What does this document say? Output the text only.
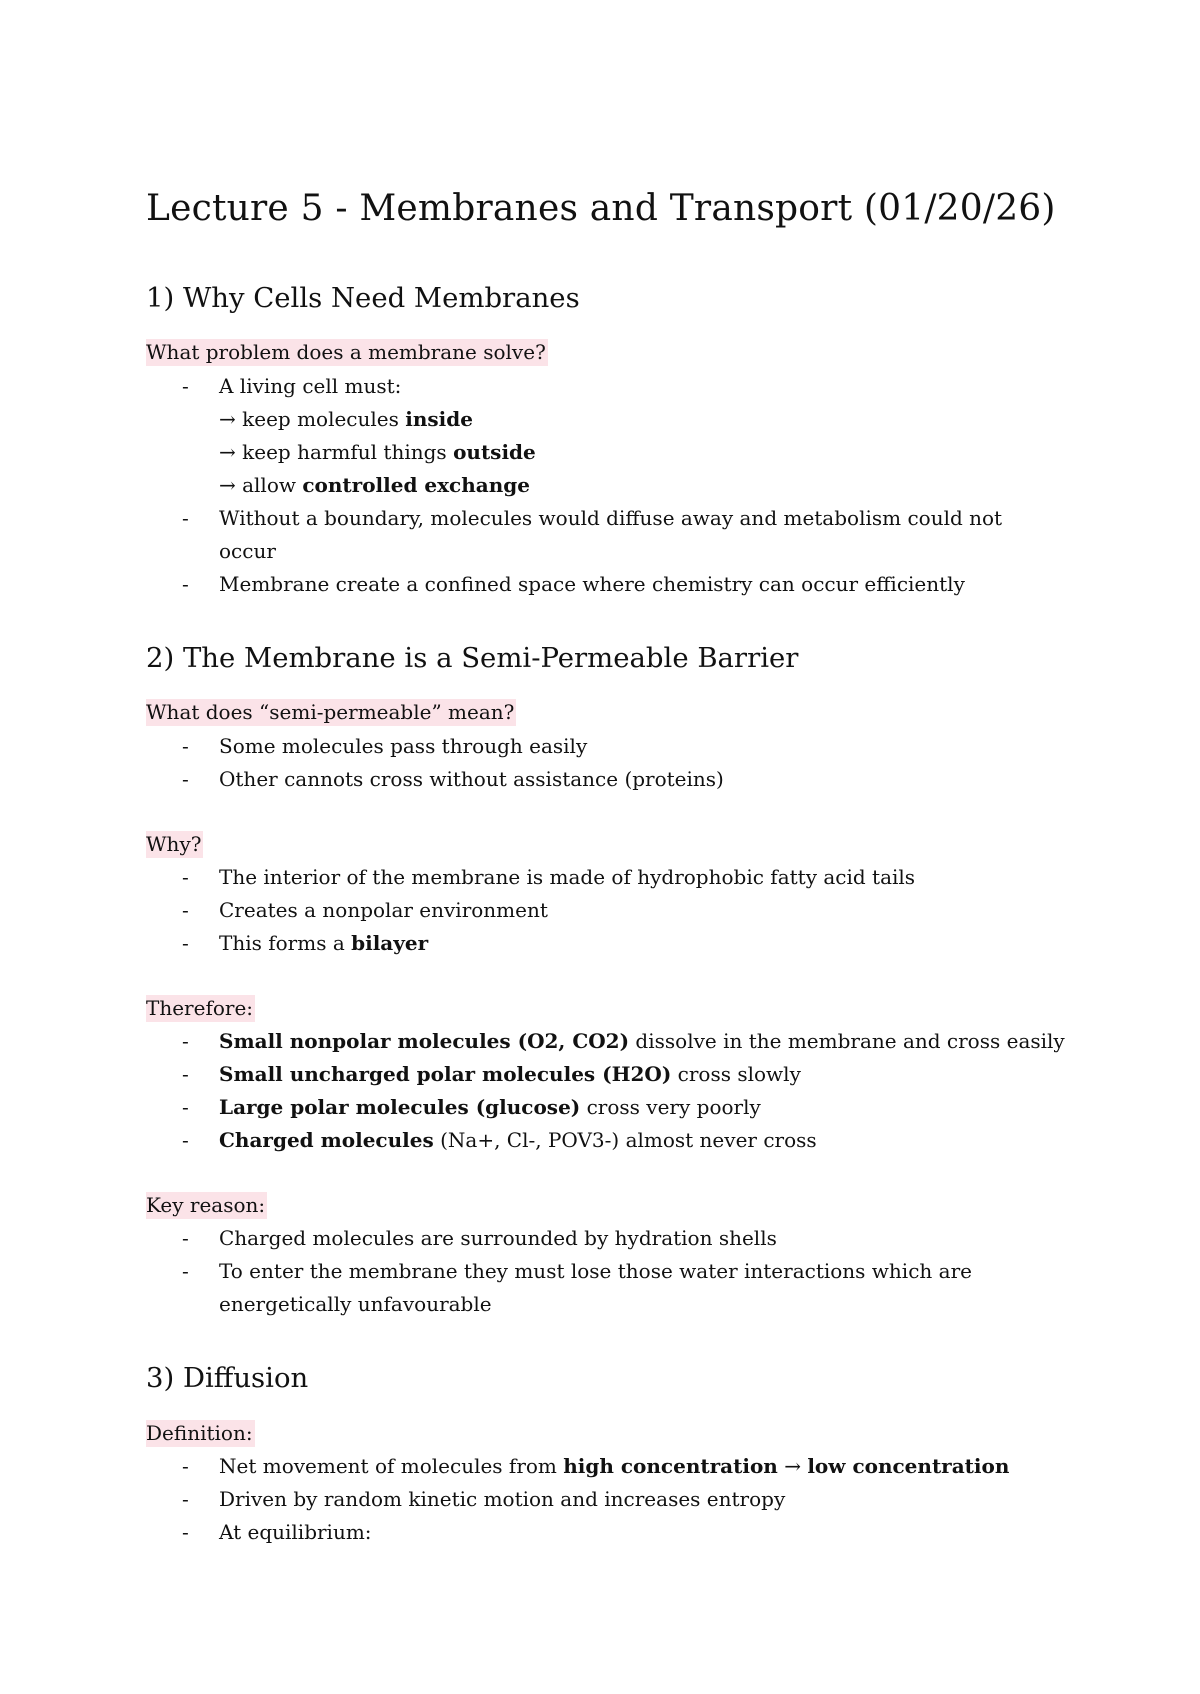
Lecture 5 - Membranes and Transport (01/20/26)
1) Why Cells Need Membranes

What problem does a membrane solve?

- A living cell must:

→ keep molecules inside

→ keep harmful things outside

→ allow controlled exchange

- Without a boundary, molecules would diffuse away and metabolism could not

occur

- Membrane create a confined space where chemistry can occur efficiently

2) The Membrane is a Semi-Permeable Barrier

What does “semi-permeable” mean?

- Some molecules pass through easily

- Other cannots cross without assistance (proteins)

Why?

- The interior of the membrane is made of hydrophobic fatty acid tails

- Creates a nonpolar environment

- This forms a bilayer

Therefore:

- Small nonpolar molecules (O2, CO2) dissolve in the membrane and cross easily

- Small uncharged polar molecules (H2O) cross slowly

- Large polar molecules (glucose) cross very poorly

- Charged molecules (Na+, Cl-, POV3-) almost never cross

Key reason:

- Charged molecules are surrounded by hydration shells

- To enter the membrane they must lose those water interactions which are

energetically unfavourable

3) Diffusion

Definition:

- Net movement of molecules from high concentration → low concentration

- Driven by random kinetic motion and increases entropy

- At equilibrium:
